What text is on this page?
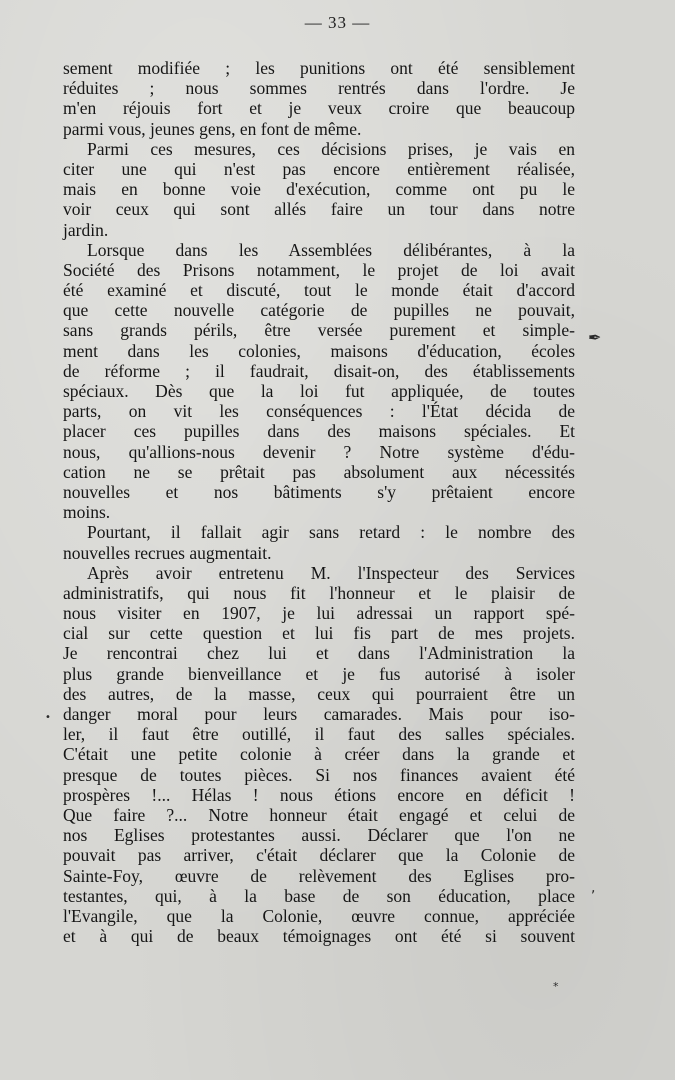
— 33 —
sement modifiée ; les punitions ont été sensiblement
réduites ; nous sommes rentrés dans l'ordre. Je
m'en réjouis fort et je veux croire que beaucoup
parmi vous, jeunes gens, en font de même.
Parmi ces mesures, ces décisions prises, je vais en
citer une qui n'est pas encore entièrement réalisée,
mais en bonne voie d'exécution, comme ont pu le
voir ceux qui sont allés faire un tour dans notre
jardin.
Lorsque dans les Assemblées délibérantes, à la
Société des Prisons notamment, le projet de loi avait
été examiné et discuté, tout le monde était d'accord
que cette nouvelle catégorie de pupilles ne pouvait,
sans grands périls, être versée purement et simple-
ment dans les colonies, maisons d'éducation, écoles
de réforme ; il faudrait, disait-on, des établissements
spéciaux. Dès que la loi fut appliquée, de toutes
parts, on vit les conséquences : l'État décida de
placer ces pupilles dans des maisons spéciales. Et
nous, qu'allions-nous devenir ? Notre système d'édu-
cation ne se prêtait pas absolument aux nécessités
nouvelles et nos bâtiments s'y prêtaient encore
moins.
Pourtant, il fallait agir sans retard : le nombre des
nouvelles recrues augmentait.
Après avoir entretenu M. l'Inspecteur des Services
administratifs, qui nous fit l'honneur et le plaisir de
nous visiter en 1907, je lui adressai un rapport spé-
cial sur cette question et lui fis part de mes projets.
Je rencontrai chez lui et dans l'Administration la
plus grande bienveillance et je fus autorisé à isoler
des autres, de la masse, ceux qui pourraient être un
danger moral pour leurs camarades. Mais pour iso-
ler, il faut être outillé, il faut des salles spéciales.
C'était une petite colonie à créer dans la grande et
presque de toutes pièces. Si nos finances avaient été
prospères !... Hélas ! nous étions encore en déficit !
Que faire ?... Notre honneur était engagé et celui de
nos Eglises protestantes aussi. Déclarer que l'on ne
pouvait pas arriver, c'était déclarer que la Colonie de
Sainte-Foy, œuvre de relèvement des Eglises pro-
testantes, qui, à la base de son éducation, place
l'Evangile, que la Colonie, œuvre connue, appréciée
et à qui de beaux témoignages ont été si souvent
✒
•
,
*
